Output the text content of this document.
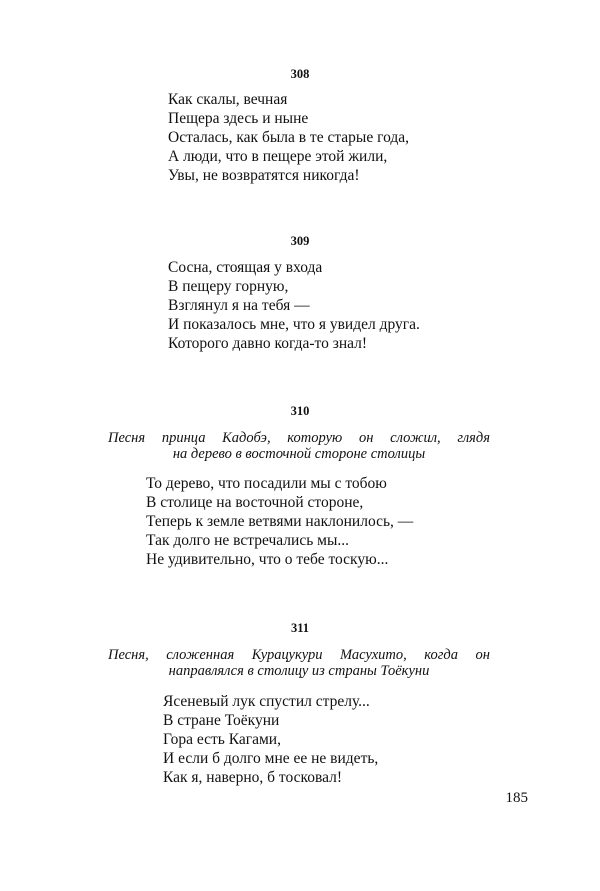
308
Как скалы, вечная
Пещера здесь и ныне
Осталась, как была в те старые года,
А люди, что в пещере этой жили,
Увы, не возвратятся никогда!
309
Сосна, стоящая у входа
В пещеру горную,
Взглянул я на тебя —
И показалось мне, что я увидел друга.
Которого давно когда-то знал!
310
Песня принца Кадобэ, которую он сложил, глядя
на дерево в восточной стороне столицы
То дерево, что посадили мы с тобою
В столице на восточной стороне,
Теперь к земле ветвями наклонилось, —
Так долго не встречались мы...
Не удивительно, что о тебе тоскую...
311
Песня, сложенная Курацукури Масухито, когда он
направлялся в столицу из страны Тоёкуни
Ясеневый лук спустил стрелу...
В стране Тоёкуни
Гора есть Кагами,
И если б долго мне ее не видеть,
Как я, наверно, б тосковал!
185
